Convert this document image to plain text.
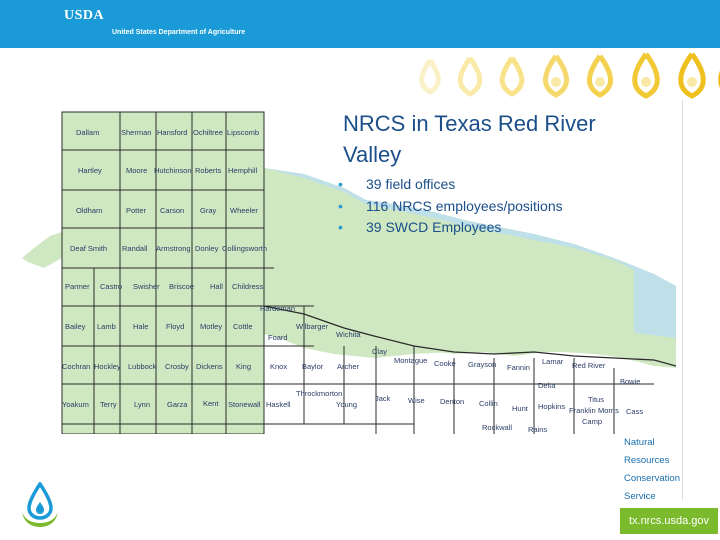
USDA
United States Department of Agriculture
Dallam	Sherman Hansford Ochiltree Lipscomb
Hartley	Moore Hutchinson Roberts Hemphill
Oldham	Potter Carson Gray Wheeler
Deaf Smith Randall Armstrong Donley Collingsworth
Parmer Castro Swisher Briscoe Hall Childress
Hardeman
Bailey Lamb Hale Floyd Motley Cottle	Wilbarger
Foard	Wichita
Clay
Cochran Hockley Lubbock Crosby Dickens King	Knox Baylor Archer
Montague Cooke Grayson Fannin
Lamar Red River
Bowie
Delta
Yoakum Terry Lynn Garza Kent Stonewall Haskell
Throckmorton
Young
Jack Wise Denton Collin
Hunt Hopkins Franklin Morris
Titus
Cass
Camp
Rockwall Rains
NRCS in Texas Red River Valley
• 39 field offices
• 116 NRCS employees/positions
• 39 SWCD Employees
Natural
Resources
Conservation
Service
tx.nrcs.usda.gov
